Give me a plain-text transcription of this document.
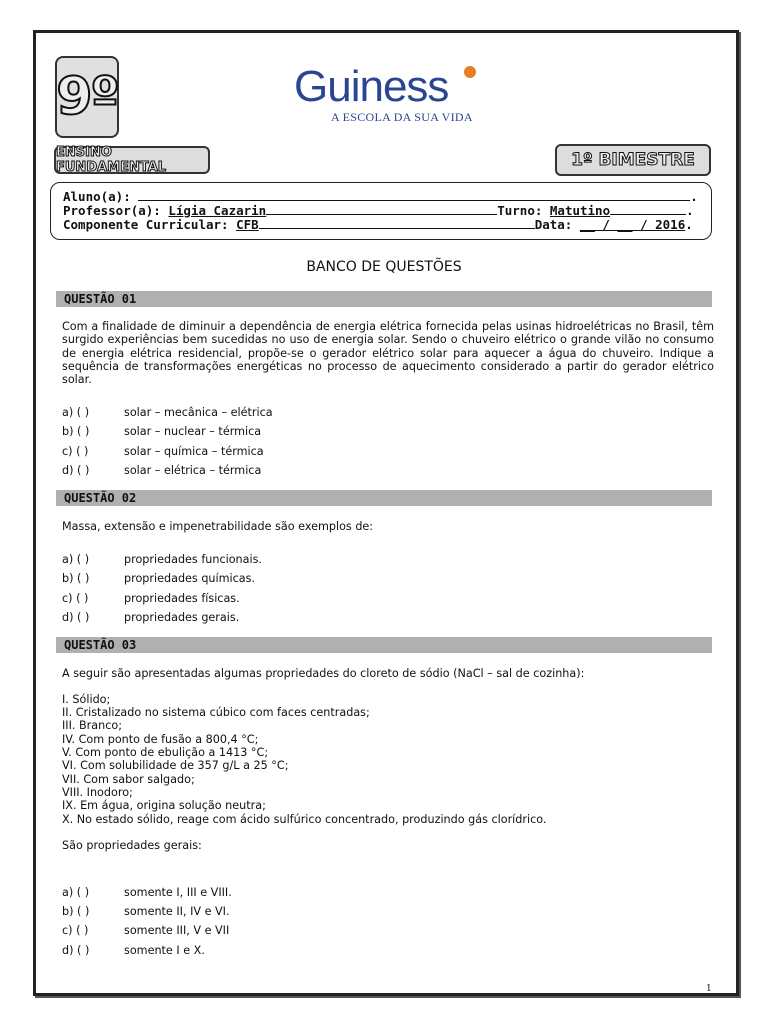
9º
ENSINO FUNDAMENTAL	1º BIMESTRE
Guiness
A ESCOLA DA SUA VIDA
Aluno(a):	.
Professor(a): Lígia Cazarin	Turno: Matutino	.
Componente Curricular: CFB	Data: __ / __ / 2016.
BANCO DE QUESTÕES
QUESTÃO 01
Com a finalidade de diminuir a dependência de energia elétrica fornecida pelas usinas hidroelétricas no Brasil, têm surgido experiências bem sucedidas no uso de energia solar. Sendo o chuveiro elétrico o grande vilão no consumo de energia elétrica residencial, propõe-se o gerador elétrico solar para aquecer a água do chuveiro. Indique a sequência de transformações energéticas no processo de aquecimento considerado a partir do gerador elétrico solar.
a) ( )	solar – mecânica – elétrica
b) ( )	solar – nuclear – térmica
c) ( )	solar – química – térmica
d) ( )	solar – elétrica – térmica
QUESTÃO 02
Massa, extensão e impenetrabilidade são exemplos de:
a) ( )	propriedades funcionais.
b) ( )	propriedades químicas.
c) ( )	propriedades físicas.
d) ( )	propriedades gerais.
QUESTÃO 03
A seguir são apresentadas algumas propriedades do cloreto de sódio (NaCl – sal de cozinha):
I. Sólido;
II. Cristalizado no sistema cúbico com faces centradas;
III. Branco;
IV. Com ponto de fusão a 800,4 °C;
V. Com ponto de ebulição a 1413 °C;
VI. Com solubilidade de 357 g/L a 25 °C;
VII. Com sabor salgado;
VIII. Inodoro;
IX. Em água, origina solução neutra;
X. No estado sólido, reage com ácido sulfúrico concentrado, produzindo gás clorídrico.
São propriedades gerais:
a) ( )	somente I, III e VIII.
b) ( )	somente II, IV e VI.
c) ( )	somente III, V e VII
d) ( )	somente I e X.
1
